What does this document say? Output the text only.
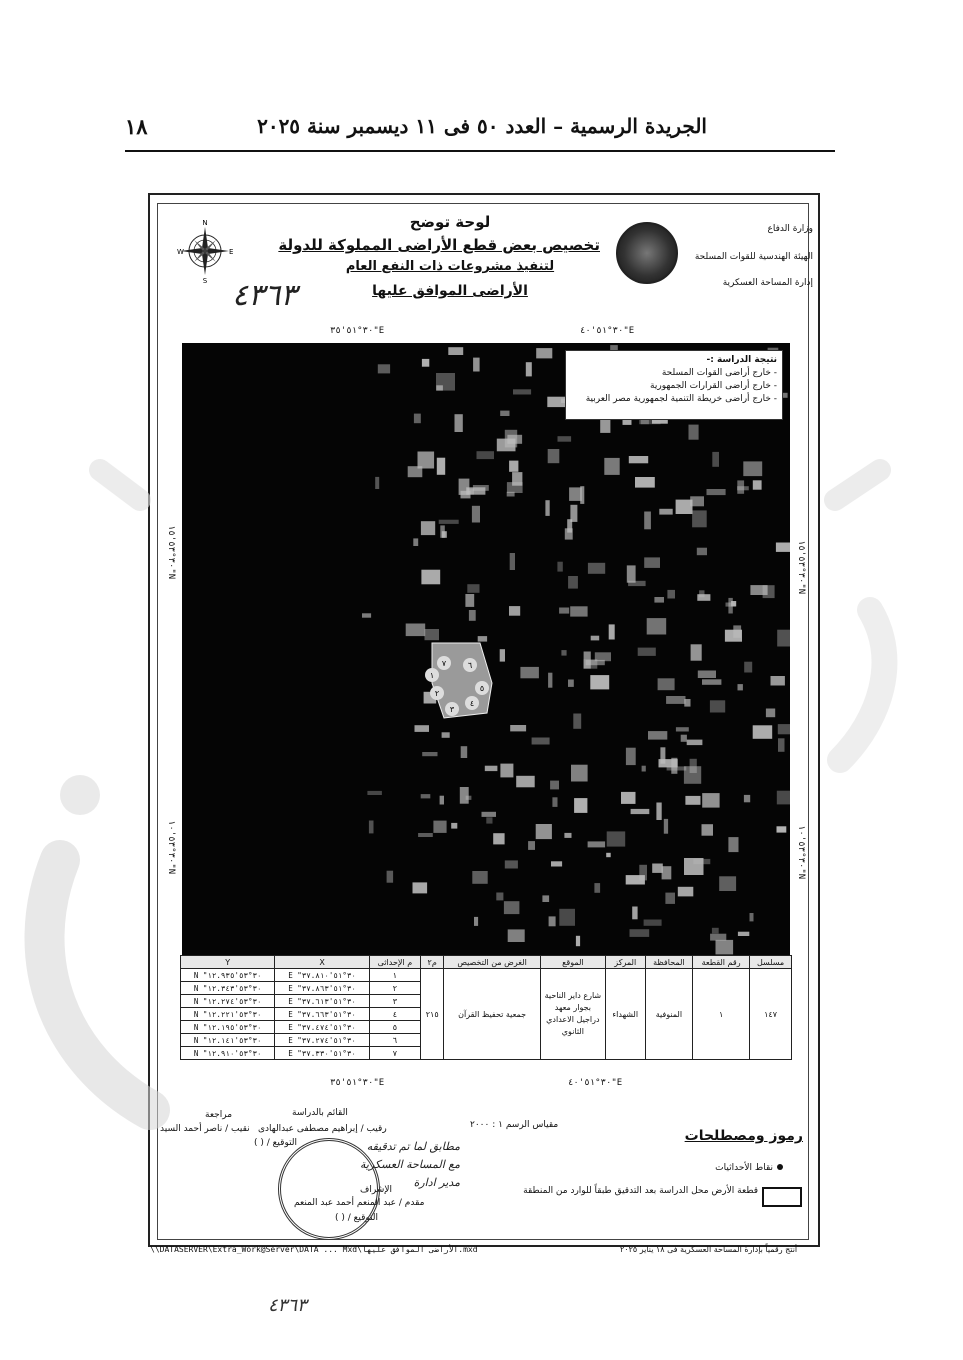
١٨	الجريدة الرسمية – العدد ٥٠ فى ١١ ديسمبر سنة ٢٠٢٥
لوحة توضح
تخصيص بعض قطع الأراضى المملوكة للدولة
لتنفيذ مشروعات ذات النفع العام
الأراضى الموافق عليها
٤٣٦٣
وزارة الدفاع
الهيئة الهندسية للقوات المسلحة
إدارة المساحة العسكرية
N
S
W	E
٣٠°٥١'٣٥"E	٣٠°٥١'٤٠"E
٣٠°٥١'٣٥"E	٣٠°٥١'٤٠"E
٣٠°٥٣'١٥"N
٣٠°٥٣'١٠"N
٣٠°٥٣'١٥"N
٣٠°٥٣'١٠"N
٧	٦
٥
٤
٣
٢
١
نتيجة الدراسة :-
- خارج أراضى القوات المسلحة
- خارج أراضى القرارات الجمهورية
- خارج أراضى خريطة التنمية لجمهورية مصر العربية
مسلسل	رقم القطعة	المحافظة	المركز	الموقع	الغرض من التخصيص	م٢	م الإحداثى	X	Y
١٤٧	١	المنوفية	الشهداء	شارع داير الناحية بجوار معهد دراجيل الاعدادي الثانوي	جمعية تحفيظ القرآن	٢١٥	١	٣٠°٥١'٣٧.٨١٠" E	٣٠°٥٣'١٢.٩٣٥" N
							٢	٣٠°٥١'٣٧.٨٦٣" E	٣٠°٥٣'١٢.٣٤٣" N
							٣	٣٠°٥١'٣٧.٦١٣" E	٣٠°٥٣'١٢.٢٧٤" N
							٤	٣٠°٥١'٣٧.٦٦٣" E	٣٠°٥٣'١٢.٢٢١" N
							٥	٣٠°٥١'٣٧.٤٧٤" E	٣٠°٥٣'١٢.١٩٥" N
							٦	٣٠°٥١'٣٧.٢٧٤" E	٣٠°٥٣'١٢.١٤١" N
							٧	٣٠°٥١'٣٧.٣٣٠" E	٣٠°٥٣'١٢.٩١٠" N
مقياس الرسم ١ : ٢٠٠٠
رموز ومصطلحات
نقاط الأحداثيات
قطعة الأرض محل الدراسة بعد التدقيق طبقاً للوارد من المنطقة
القائم بالدراسة
رقيب / إبراهيم مصطفى عبدالهادى
مراجعة
نقيب / ناصر أحمد السيد
التوقيع / ( )
الإشراف
مقدم / عبد المنعم أحمد عبد المنعم
التوقيع / ( )
مطابق لما تم تدقيقه
مع المساحة العسكرية
مدير ادارة
\\DATASERVER\Extra_Work@Server\DATA ... Mxd\الأراضى الموافق عليها.mxd	أنتج رقمياً بإدارة المساحة العسكرية فى ١٨ يناير ٢٠٢٥
٤٣٦٣
